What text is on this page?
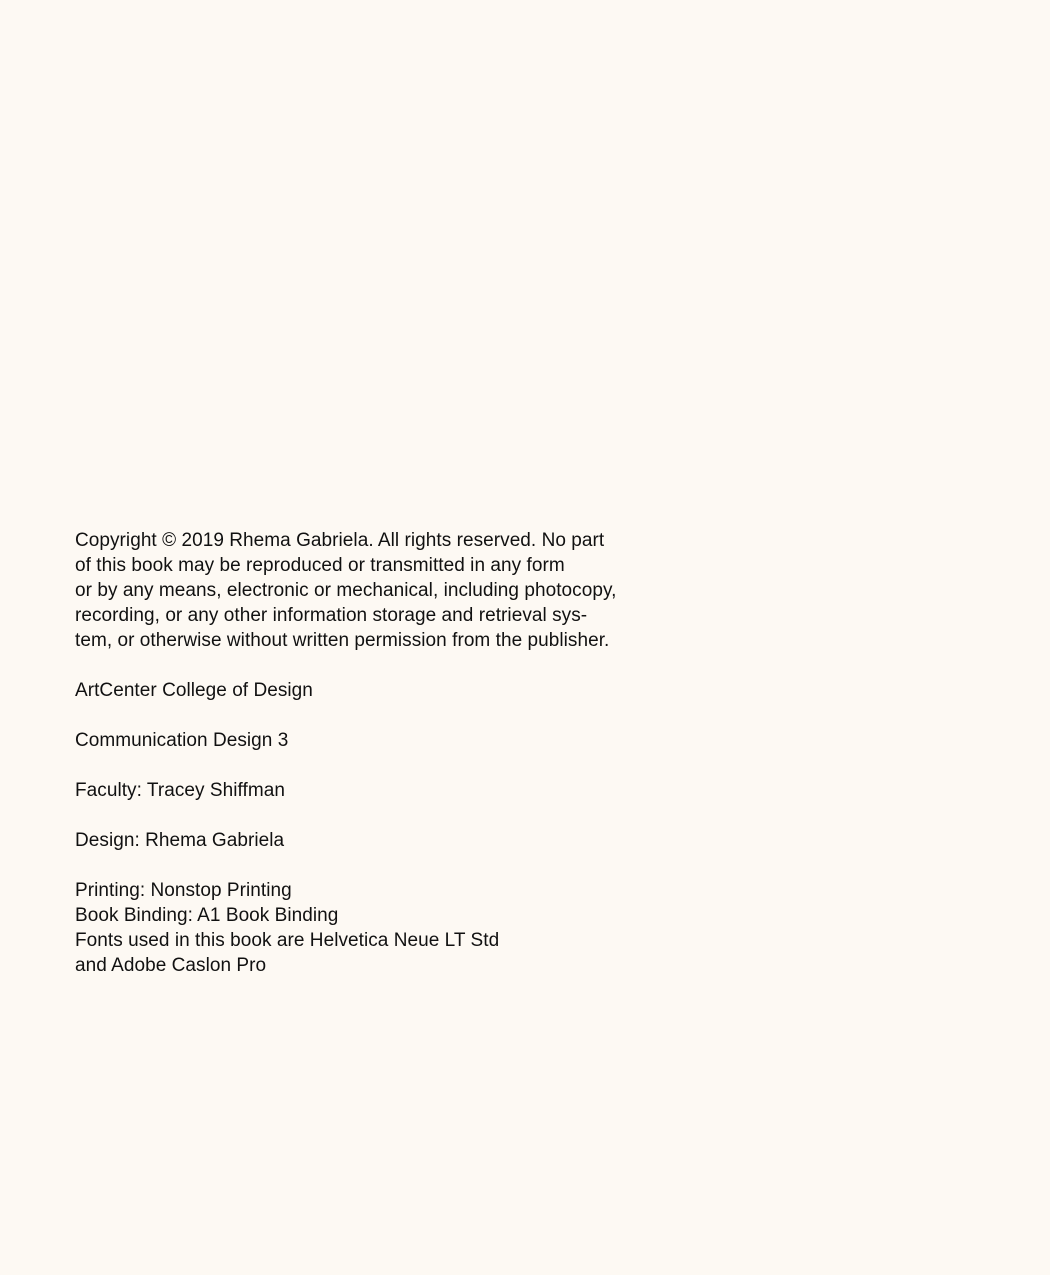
Copyright © 2019 Rhema Gabriela. All rights reserved. No part
of this book may be reproduced or transmitted in any form
or by any means, electronic or mechanical, including photocopy,
recording, or any other information storage and retrieval sys-
tem, or otherwise without written permission from the publisher.
ArtCenter College of Design
Communication Design 3
Faculty: Tracey Shiffman
Design: Rhema Gabriela
Printing: Nonstop Printing
Book Binding: A1 Book Binding
Fonts used in this book are Helvetica Neue LT Std
and Adobe Caslon Pro
